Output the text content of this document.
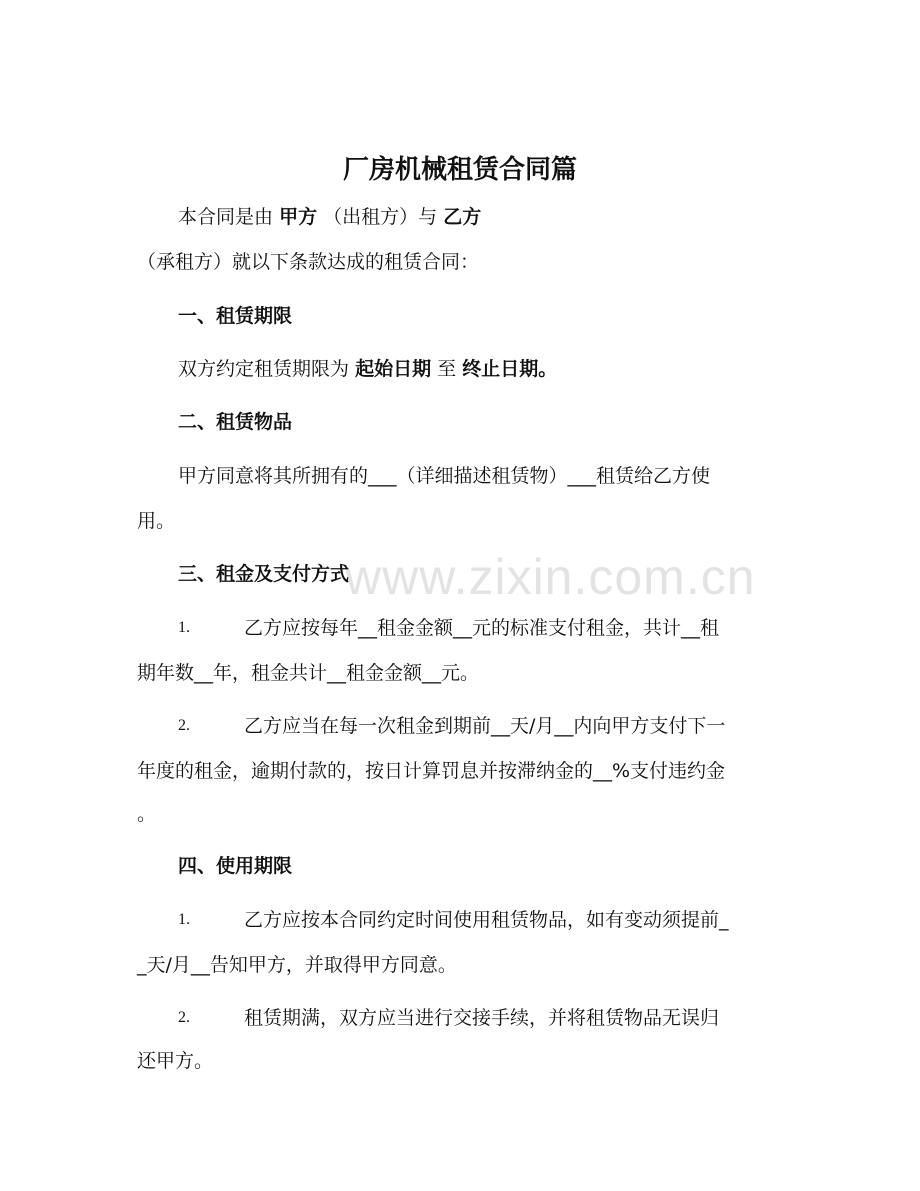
www.zixin.com.cn
厂房机械租赁合同篇
本合同是由 甲方 （出租方）与 乙方
（承租方）就以下条款达成的租赁合同：
一、租赁期限
双方约定租赁期限为 起始日期 至 终止日期。
二、租赁物品
甲方同意将其所拥有的___（详细描述租赁物）___租赁给乙方使
用。
三、租金及支付方式
1.	乙方应按每年__租金金额__元的标准支付租金，共计__租
期年数__年，租金共计__租金金额__元。
2.	乙方应当在每一次租金到期前__天/月__内向甲方支付下一
年度的租金，逾期付款的，按日计算罚息并按滞纳金的__%支付违约金
。
四、使用期限
1.	乙方应按本合同约定时间使用租赁物品，如有变动须提前_
_天/月__告知甲方，并取得甲方同意。
2.	租赁期满，双方应当进行交接手续，并将租赁物品无误归
还甲方。
